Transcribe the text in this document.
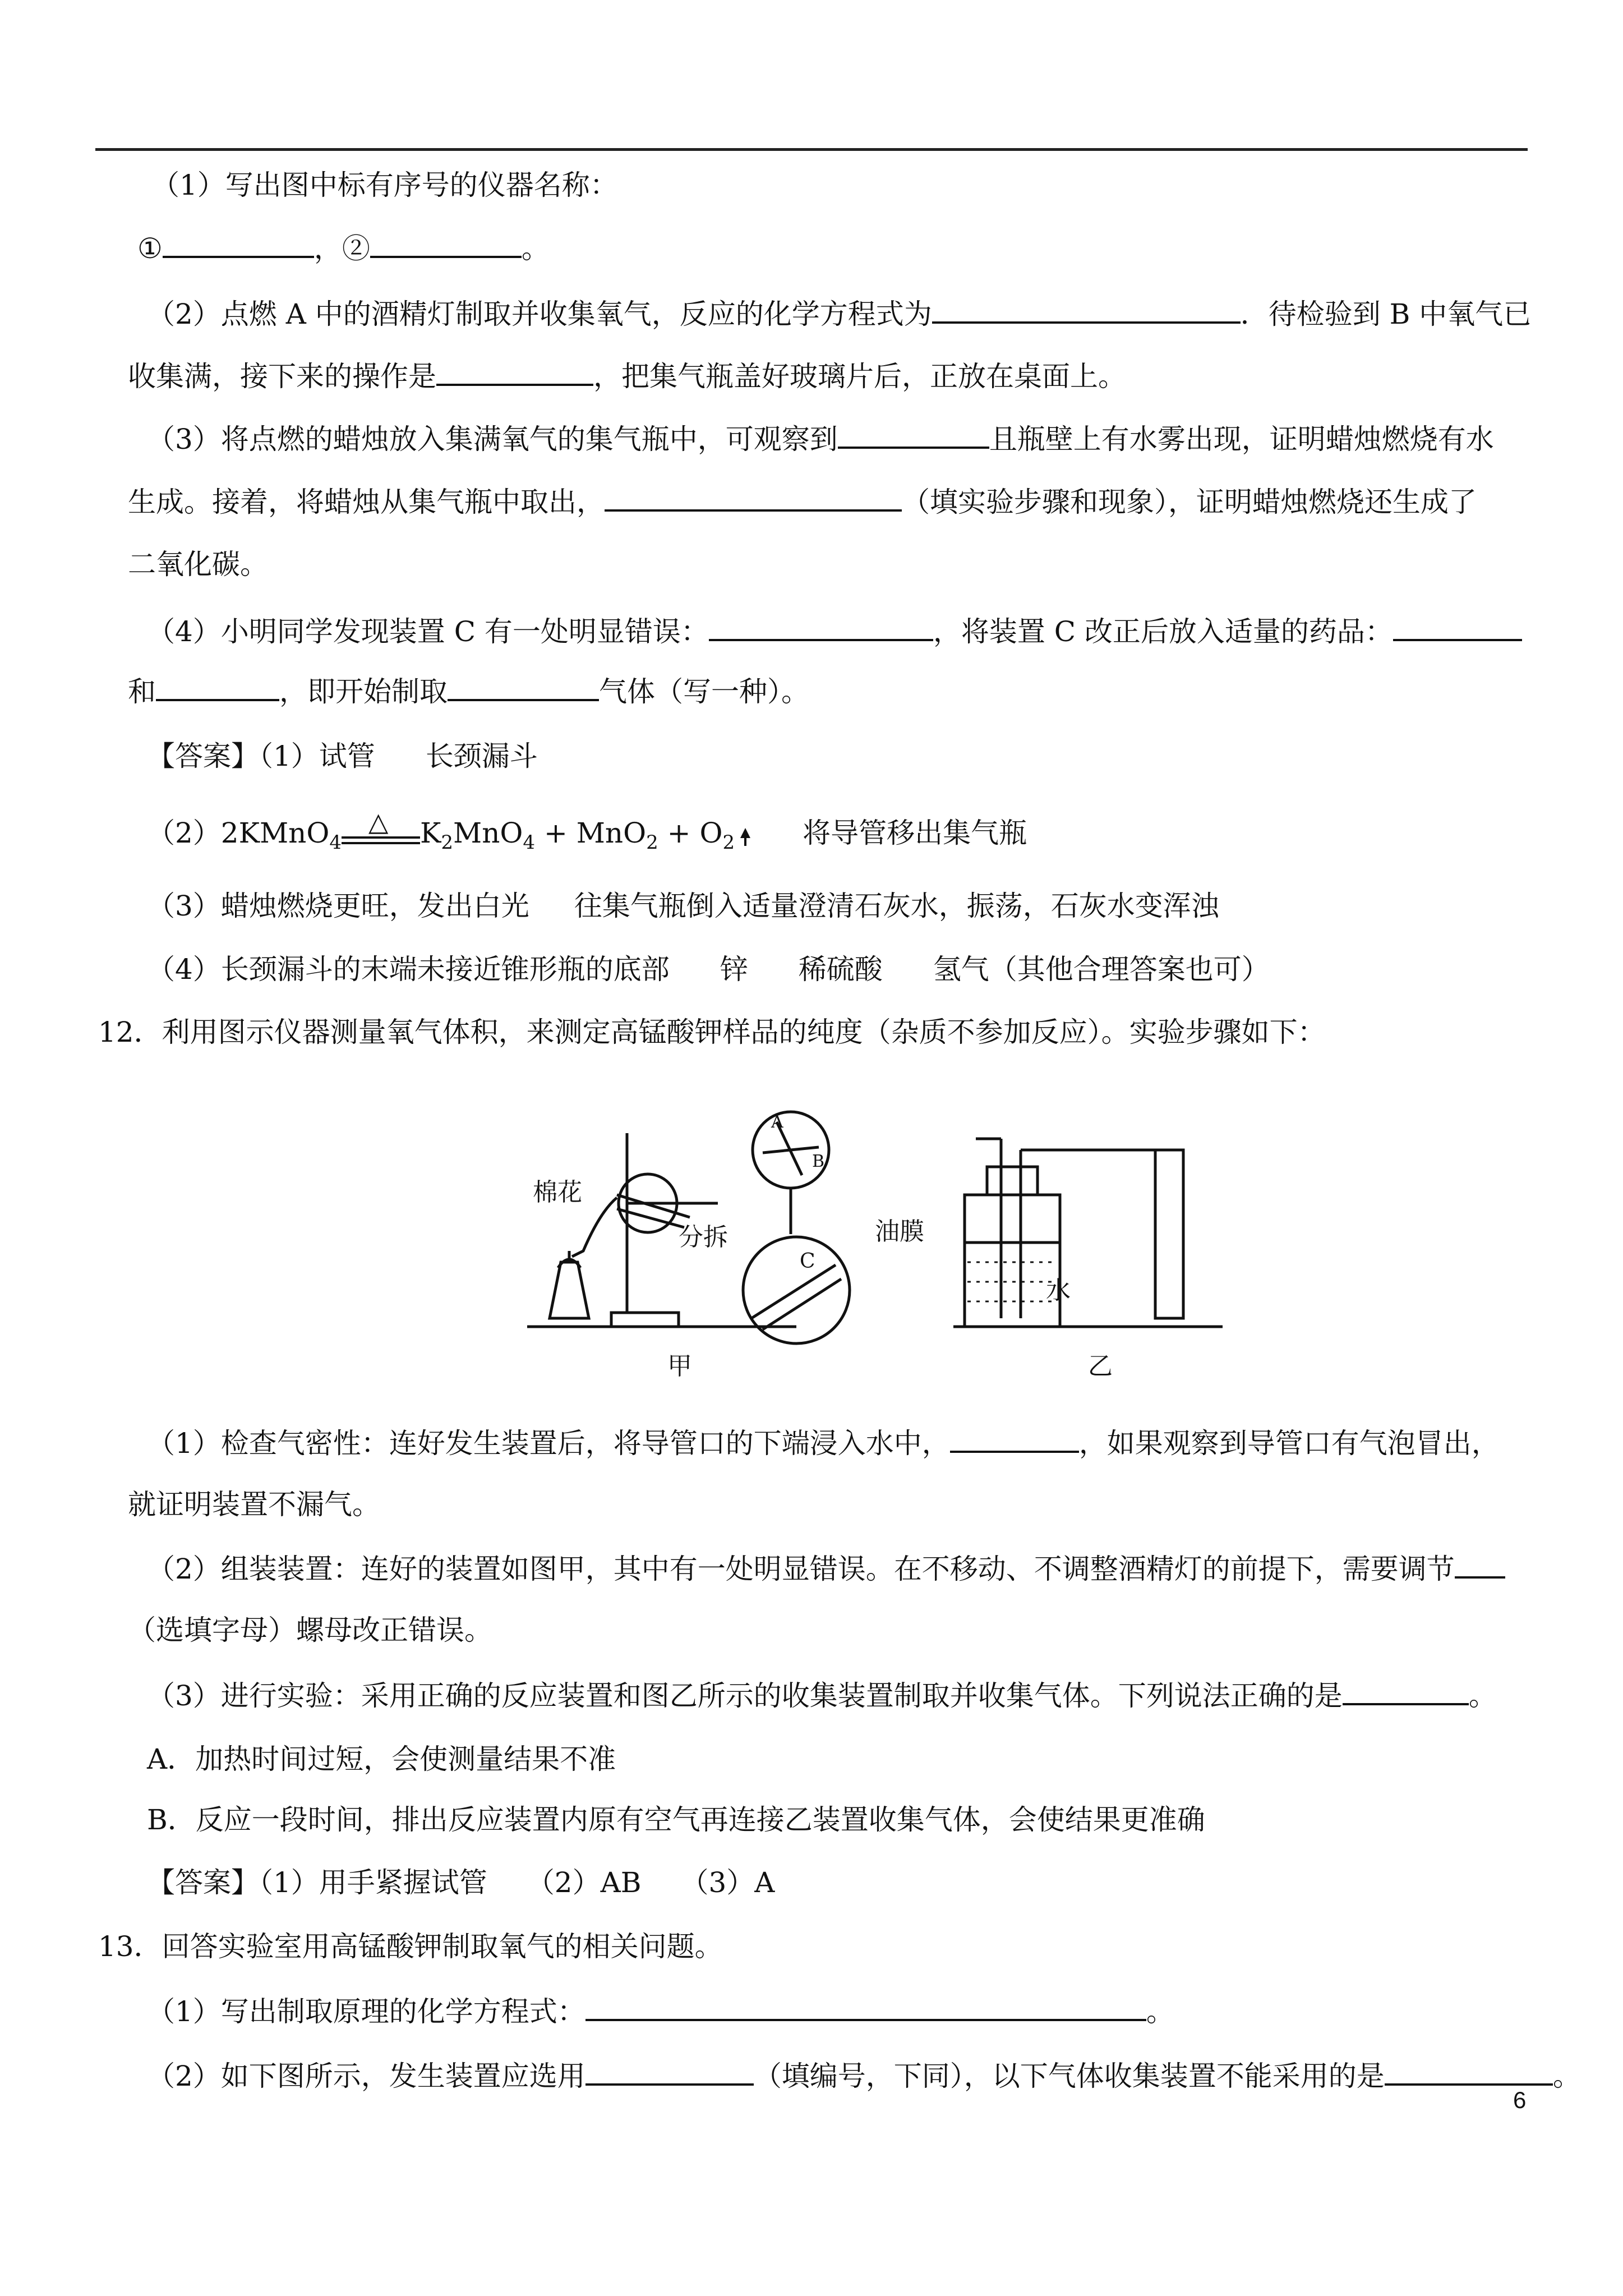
（1）写出图中标有序号的仪器名称：
①	，②	。
（2）点燃 A 中的酒精灯制取并收集氧气，反应的化学方程式为	．待检验到 B 中氧气已
收集满，接下来的操作是	，把集气瓶盖好玻璃片后，正放在桌面上。
（3）将点燃的蜡烛放入集满氧气的集气瓶中，可观察到	且瓶壁上有水雾出现，证明蜡烛燃烧有水
生成。接着，将蜡烛从集气瓶中取出，	（填实验步骤和现象），证明蜡烛燃烧还生成了
二氧化碳。
（4）小明同学发现装置 C 有一处明显错误：	，将装置 C 改正后放入适量的药品：
和	，即开始制取	气体（写一种）。
【答案】（1）试管 长颈漏斗
（2）2KMnO$_4$
△ $K_2MnO_4 + MnO_2 + O_2$ 将导管移出集气瓶
（3）蜡烛燃烧更旺，发出白光 往集气瓶倒入适量澄清石灰水，振荡，石灰水变浑浊
（4）长颈漏斗的末端未接近锥形瓶的底部 锌 稀硫酸 氢气（其他合理答案也可）
12．利用图示仪器测量氧气体积，来测定高锰酸钾样品的纯度（杂质不参加反应）。实验步骤如下：
棉花
分拆
A
B
C
油膜
水
甲	乙
（1）检查气密性：连好发生装置后，将导管口的下端浸入水中，	，如果观察到导管口有气泡冒出，
就证明装置不漏气。
（2）组装装置：连好的装置如图甲，其中有一处明显错误。在不移动、不调整酒精灯的前提下，需要调节
（选填字母）螺母改正错误。
（3）进行实验：采用正确的反应装置和图乙所示的收集装置制取并收集气体。下列说法正确的是	。
A．加热时间过短，会使测量结果不准
B．反应一段时间，排出反应装置内原有空气再连接乙装置收集气体，会使结果更准确
【答案】（1）用手紧握试管 （2）AB （3）A
13．回答实验室用高锰酸钾制取氧气的相关问题。
（1）写出制取原理的化学方程式：	。
（2）如下图所示，发生装置应选用	（填编号，下同），以下气体收集装置不能采用的是	。
6
